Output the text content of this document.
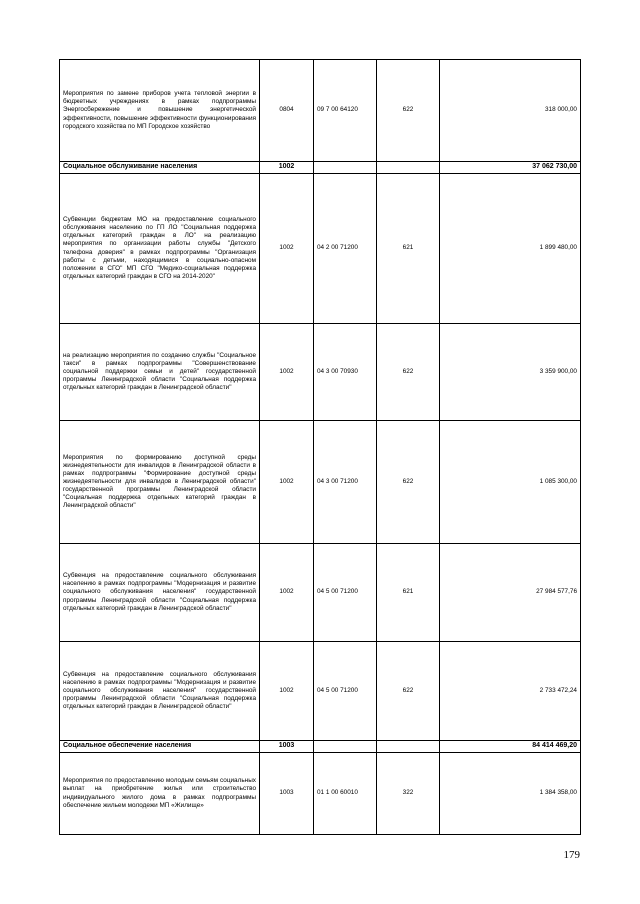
Мероприятия по замене приборов учета тепловой энергии в бюджетных учреждениях в рамках подпрограммы Энергосбережение и повышение энергетической эффективности, повышение эффективности функционирования городского хозяйства по МП Городское хозяйство	0804	09 7 00 64120	622	318 000,00
Социальное обслуживание населения	1002			37 062 730,00
Субвенции бюджетам МО на предоставление социального обслуживания населению по ГП ЛО "Социальная поддержка отдельных категорий граждан в ЛО" на реализацию мероприятия по организации работы службы "Детского телефона доверия" в рамках подпрограммы "Организация работы с детьми, находящимися в социально-опасном положении в СГО" МП СГО "Медико-социальная поддержка отдельных категорий граждан в СГО на 2014-2020"	1002	04 2 00 71200	621	1 899 480,00
на реализацию мероприятия по созданию службы "Социальное такси" в рамках подпрограммы "Совершенствование социальной поддержки семьи и детей" государственной программы Ленинградской области "Социальная поддержка отдельных категорий граждан в Ленинградской области"	1002	04 3 00 70930	622	3 359 900,00
Мероприятия по формированию доступной среды жизнедеятельности для инвалидов в Ленинградской области в рамках подпрограммы "Формирование доступной среды жизнедеятельности для инвалидов в Ленинградской области" государственной программы Ленинградской области "Социальная поддержка отдельных категорий граждан в Ленинградской области"	1002	04 3 00 71200	622	1 085 300,00
Субвенция на предоставление социального обслуживания населению в рамках подпрограммы "Модернизация и развитие социального обслуживания населения" государственной программы Ленинградской области "Социальная поддержка отдельных категорий граждан в Ленинградской области"	1002	04 5 00 71200	621	27 984 577,76
Субвенция на предоставление социального обслуживания населению в рамках подпрограммы "Модернизация и развитие социального обслуживания населения" государственной программы Ленинградской области "Социальная поддержка отдельных категорий граждан в Ленинградской области"	1002	04 5 00 71200	622	2 733 472,24
Социальное обеспечение населения	1003			84 414 469,20
Мероприятия по предоставлению молодым семьям социальных выплат на приобретение жилья или строительство индивидуального жилого дома в рамках подпрограммы обеспечение жильем молодежи МП «Жилище»	1003	01 1 00 60010	322	1 384 358,00
179
